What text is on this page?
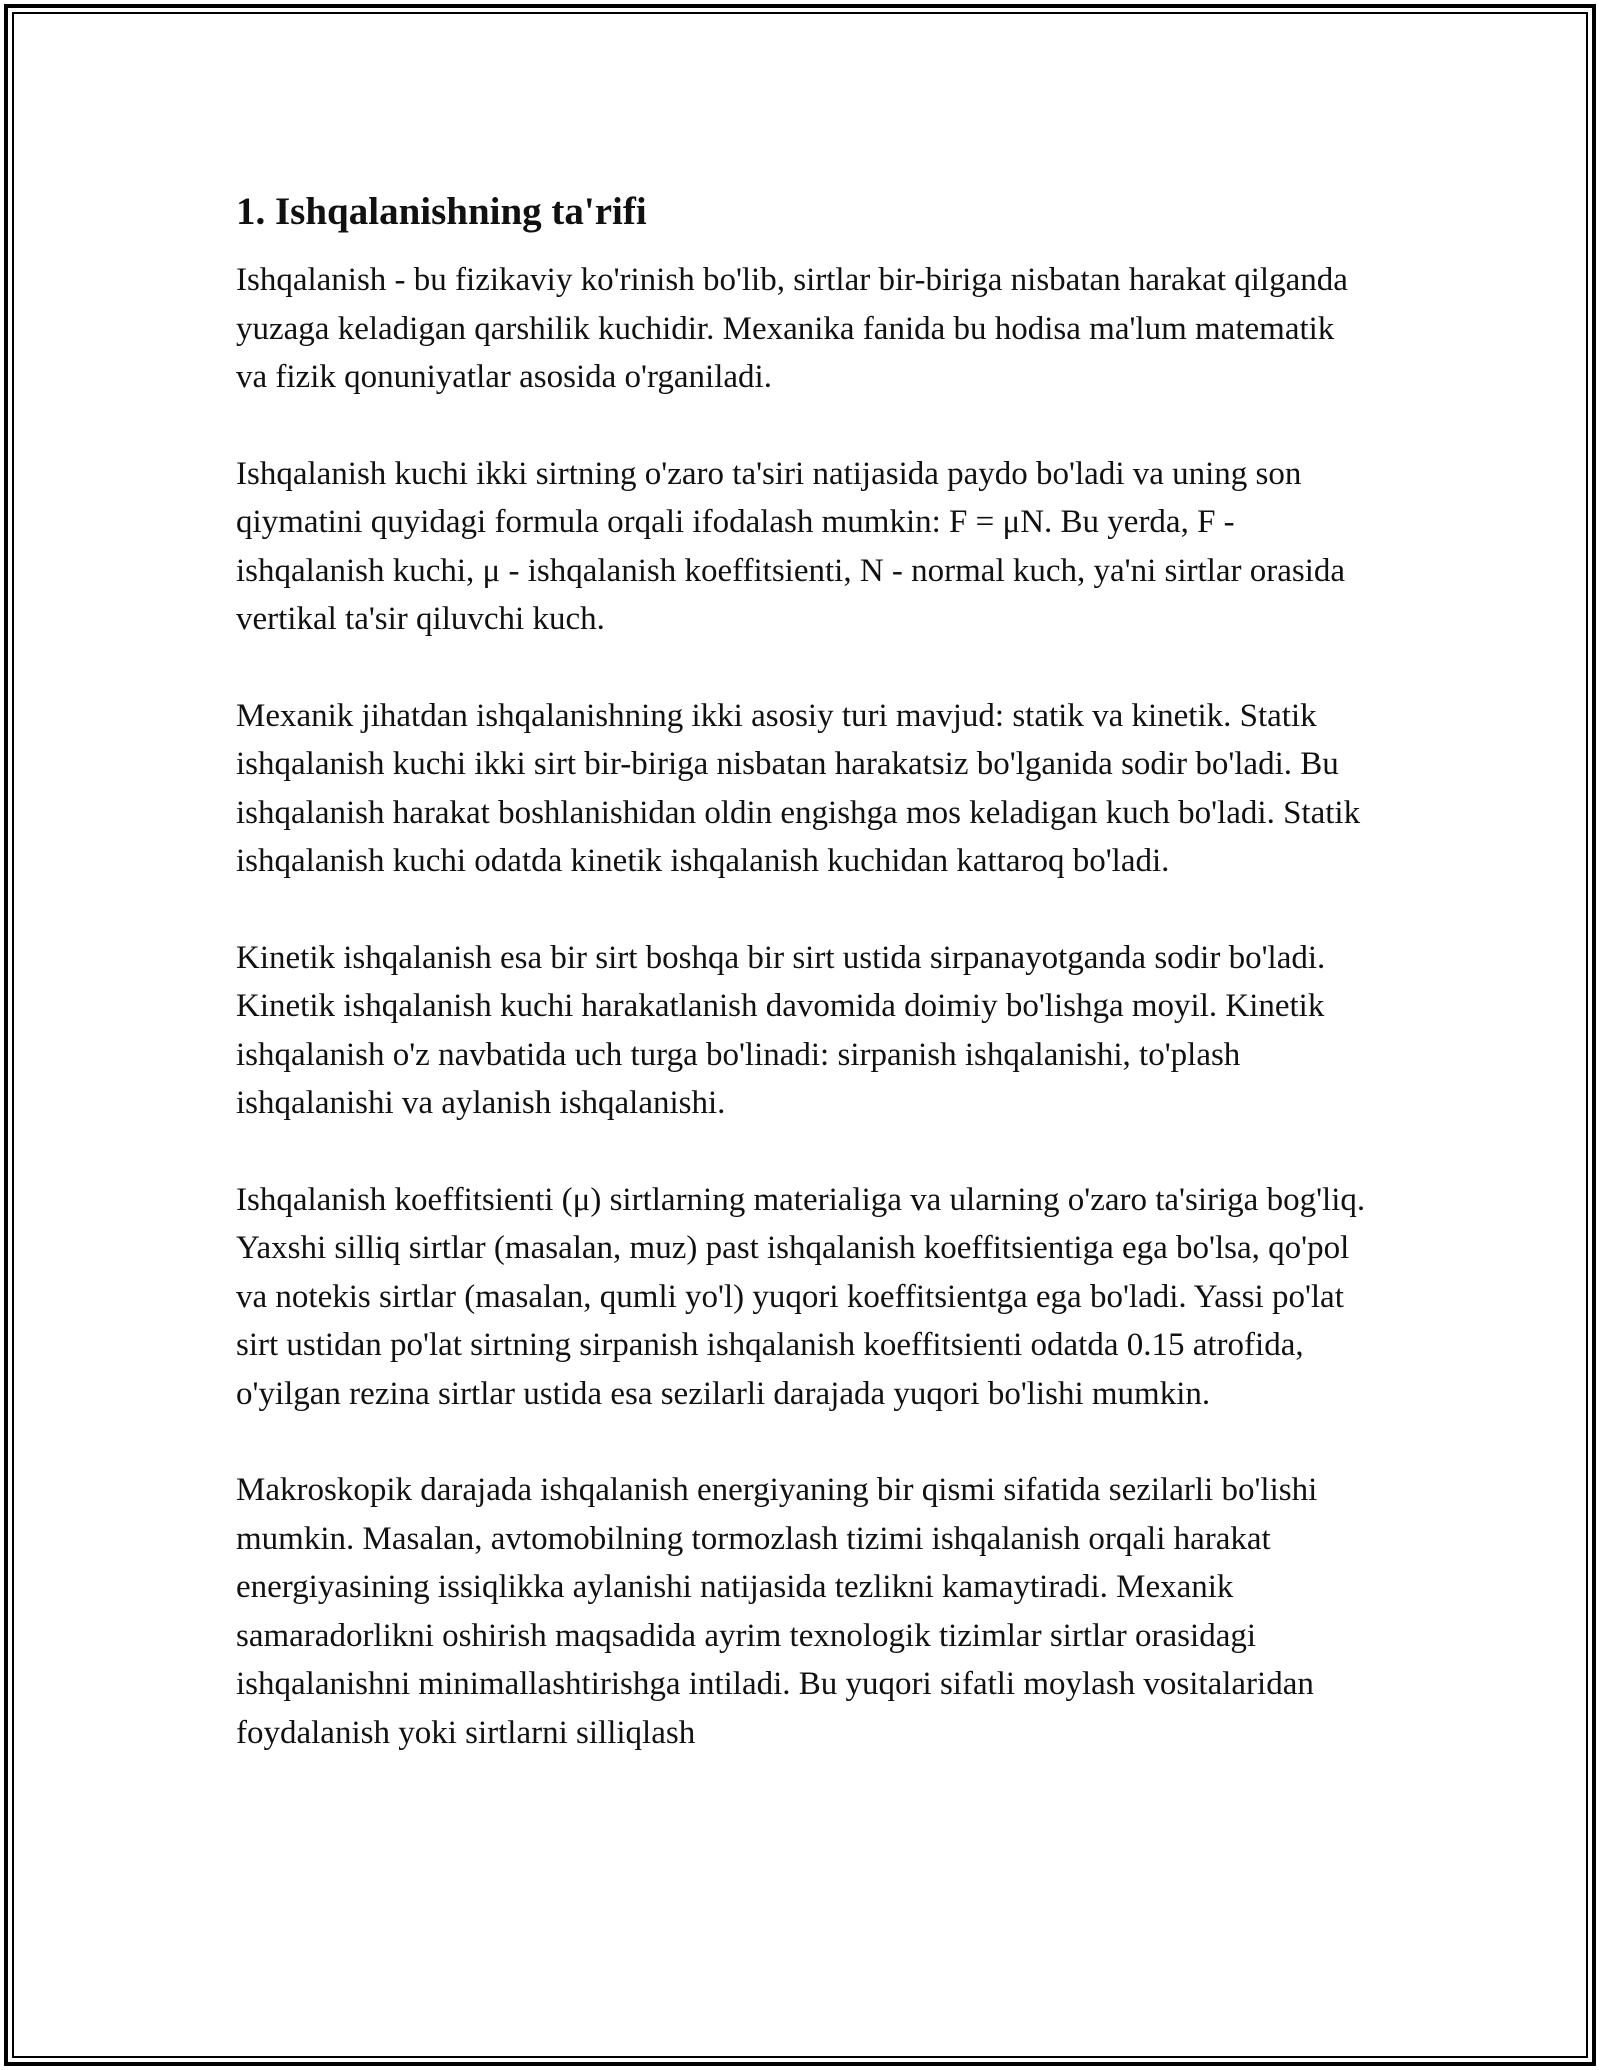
1. Ishqalanishning ta'rifi

Ishqalanish - bu fizikaviy ko'rinish bo'lib, sirtlar bir-biriga nisbatan harakat qilganda yuzaga keladigan qarshilik kuchidir. Mexanika fanida bu hodisa ma'lum matematik va fizik qonuniyatlar asosida o'rganiladi.

Ishqalanish kuchi ikki sirtning o'zaro ta'siri natijasida paydo bo'ladi va uning son qiymatini quyidagi formula orqali ifodalash mumkin: F = μN. Bu yerda, F - ishqalanish kuchi, μ - ishqalanish koeffitsienti, N - normal kuch, ya'ni sirtlar orasida vertikal ta'sir qiluvchi kuch.

Mexanik jihatdan ishqalanishning ikki asosiy turi mavjud: statik va kinetik. Statik ishqalanish kuchi ikki sirt bir-biriga nisbatan harakatsiz bo'lganida sodir bo'ladi. Bu ishqalanish harakat boshlanishidan oldin engishga mos keladigan kuch bo'ladi. Statik ishqalanish kuchi odatda kinetik ishqalanish kuchidan kattaroq bo'ladi.

Kinetik ishqalanish esa bir sirt boshqa bir sirt ustida sirpanayotganda sodir bo'ladi. Kinetik ishqalanish kuchi harakatlanish davomida doimiy bo'lishga moyil. Kinetik ishqalanish o'z navbatida uch turga bo'linadi: sirpanish ishqalanishi, to'plash ishqalanishi va aylanish ishqalanishi.

Ishqalanish koeffitsienti (μ) sirtlarning materialiga va ularning o'zaro ta'siriga bog'liq. Yaxshi silliq sirtlar (masalan, muz) past ishqalanish koeffitsientiga ega bo'lsa, qo'pol va notekis sirtlar (masalan, qumli yo'l) yuqori koeffitsientga ega bo'ladi. Yassi po'lat sirt ustidan po'lat sirtning sirpanish ishqalanish koeffitsienti odatda 0.15 atrofida, o'yilgan rezina sirtlar ustida esa sezilarli darajada yuqori bo'lishi mumkin.

Makroskopik darajada ishqalanish energiyaning bir qismi sifatida sezilarli bo'lishi mumkin. Masalan, avtomobilning tormozlash tizimi ishqalanish orqali harakat energiyasining issiqlikka aylanishi natijasida tezlikni kamaytiradi. Mexanik samaradorlikni oshirish maqsadida ayrim texnologik tizimlar sirtlar orasidagi ishqalanishni minimallashtirishga intiladi. Bu yuqori sifatli moylash vositalaridan foydalanish yoki sirtlarni silliqlash
